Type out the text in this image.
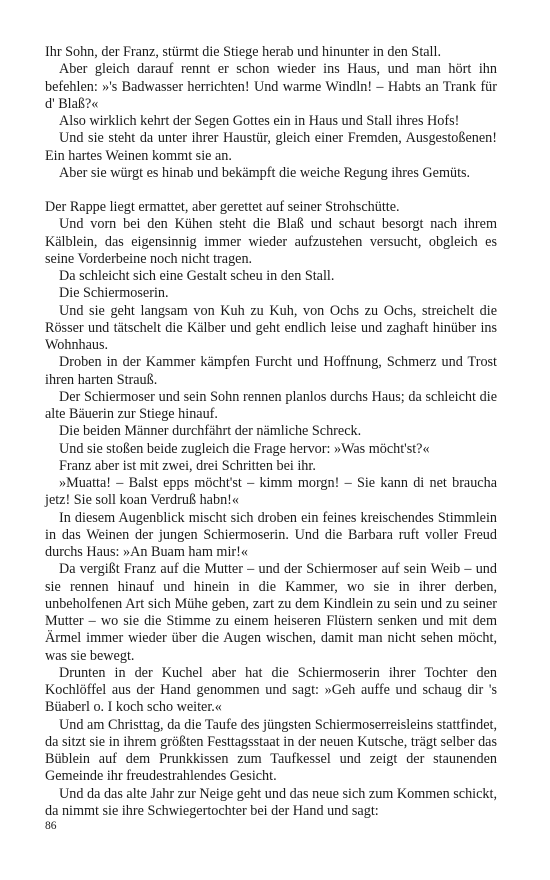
Ihr Sohn, der Franz, stürmt die Stiege herab und hinunter in den Stall.

Aber gleich darauf rennt er schon wieder ins Haus, und man hört ihn befehlen: »'s Badwasser herrichten! Und warme Windln! – Habts an Trank für d' Blaß?«

Also wirklich kehrt der Segen Gottes ein in Haus und Stall ihres Hofs!

Und sie steht da unter ihrer Haustür, gleich einer Fremden, Ausgestoßenen! Ein hartes Weinen kommt sie an.

Aber sie würgt es hinab und bekämpft die weiche Regung ihres Gemüts.

Der Rappe liegt ermattet, aber gerettet auf seiner Strohschütte.

Und vorn bei den Kühen steht die Blaß und schaut besorgt nach ihrem Kälblein, das eigensinnig immer wieder aufzustehen versucht, obgleich es seine Vorderbeine noch nicht tragen.

Da schleicht sich eine Gestalt scheu in den Stall.

Die Schiermoserin.

Und sie geht langsam von Kuh zu Kuh, von Ochs zu Ochs, streichelt die Rösser und tätschelt die Kälber und geht endlich leise und zaghaft hinüber ins Wohnhaus.

Droben in der Kammer kämpfen Furcht und Hoffnung, Schmerz und Trost ihren harten Strauß.

Der Schiermoser und sein Sohn rennen planlos durchs Haus; da schleicht die alte Bäuerin zur Stiege hinauf.

Die beiden Männer durchfährt der nämliche Schreck.

Und sie stoßen beide zugleich die Frage hervor: »Was möcht'st?«

Franz aber ist mit zwei, drei Schritten bei ihr.

»Muatta! – Balst epps möcht'st – kimm morgn! – Sie kann di net braucha jetz! Sie soll koan Verdruß habn!«

In diesem Augenblick mischt sich droben ein feines kreischendes Stimmlein in das Weinen der jungen Schiermoserin. Und die Barbara ruft voller Freud durchs Haus: »An Buam ham mir!«

Da vergißt Franz auf die Mutter – und der Schiermoser auf sein Weib – und sie rennen hinauf und hinein in die Kammer, wo sie in ihrer derben, unbeholfenen Art sich Mühe geben, zart zu dem Kindlein zu sein und zu seiner Mutter – wo sie die Stimme zu einem heiseren Flüstern senken und mit dem Ärmel immer wieder über die Augen wischen, damit man nicht sehen möcht, was sie bewegt.

Drunten in der Kuchel aber hat die Schiermoserin ihrer Tochter den Kochlöffel aus der Hand genommen und sagt: »Geh auffe und schaug dir 's Büaberl o. I koch scho weiter.«

Und am Christtag, da die Taufe des jüngsten Schiermoserreisleins stattfindet, da sitzt sie in ihrem größten Festtagsstaat in der neuen Kutsche, trägt selber das Büblein auf dem Prunkkissen zum Taufkessel und zeigt der staunenden Gemeinde ihr freudestrahlendes Gesicht.

Und da das alte Jahr zur Neige geht und das neue sich zum Kommen schickt, da nimmt sie ihre Schwiegertochter bei der Hand und sagt:

86
